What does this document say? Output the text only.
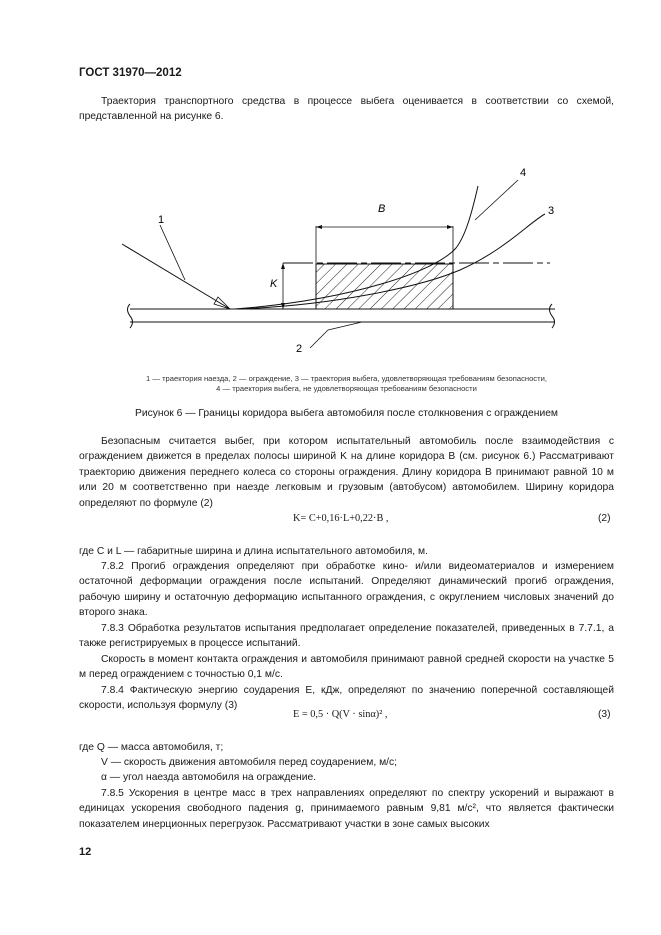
ГОСТ 31970—2012
Траектория транспортного средства в процессе выбега оценивается в соответствии со схемой, представленной на рисунке 6.
1
4
3
2
B
K
1 — траектория наезда, 2 — ограждение, 3 — траектория выбега, удовлетворяющая требованиям безопасности,
4 — траектория выбега, не удовлетворяющая требованиям безопасности
Рисунок 6 — Границы коридора выбега автомобиля после столкновения с ограждением
Безопасным считается выбег, при котором испытательный автомобиль после взаимодействия с ограждением движется в пределах полосы шириной K на длине коридора B (см. рисунок 6.) Рассматривают траекторию движения переднего колеса со стороны ограждения. Длину коридора B принимают равной 10 м или 20 м соответственно при наезде легковым и грузовым (автобусом) автомобилем. Ширину коридора определяют по формуле (2)
K= C+0,16·L+0,22·B ,	(2)
где C и L — габаритные ширина и длина испытательного автомобиля, м.
7.8.2 Прогиб ограждения определяют при обработке кино- и/или видеоматериалов и измерением остаточной деформации ограждения после испытаний. Определяют динамический прогиб ограждения, рабочую ширину и остаточную деформацию испытанного ограждения, с округлением числовых значений до второго знака.
7.8.3 Обработка результатов испытания предполагает определение показателей, приведенных в 7.7.1, а также регистрируемых в процессе испытаний.
Скорость в момент контакта ограждения и автомобиля принимают равной средней скорости на участке 5 м перед ограждением с точностью 0,1 м/с.
7.8.4 Фактическую энергию соударения E, кДж, определяют по значению поперечной составляющей скорости, используя формулу (3)
E = 0,5 · Q(V · sinα)² ,	(3)
где Q — масса автомобиля, т;
V — скорость движения автомобиля перед соударением, м/с;
α — угол наезда автомобиля на ограждение.
7.8.5 Ускорения в центре масс в трех направлениях определяют по спектру ускорений и выражают в единицах ускорения свободного падения g, принимаемого равным 9,81 м/с², что является фактически показателем инерционных перегрузок. Рассматривают участки в зоне самых высоких
12
